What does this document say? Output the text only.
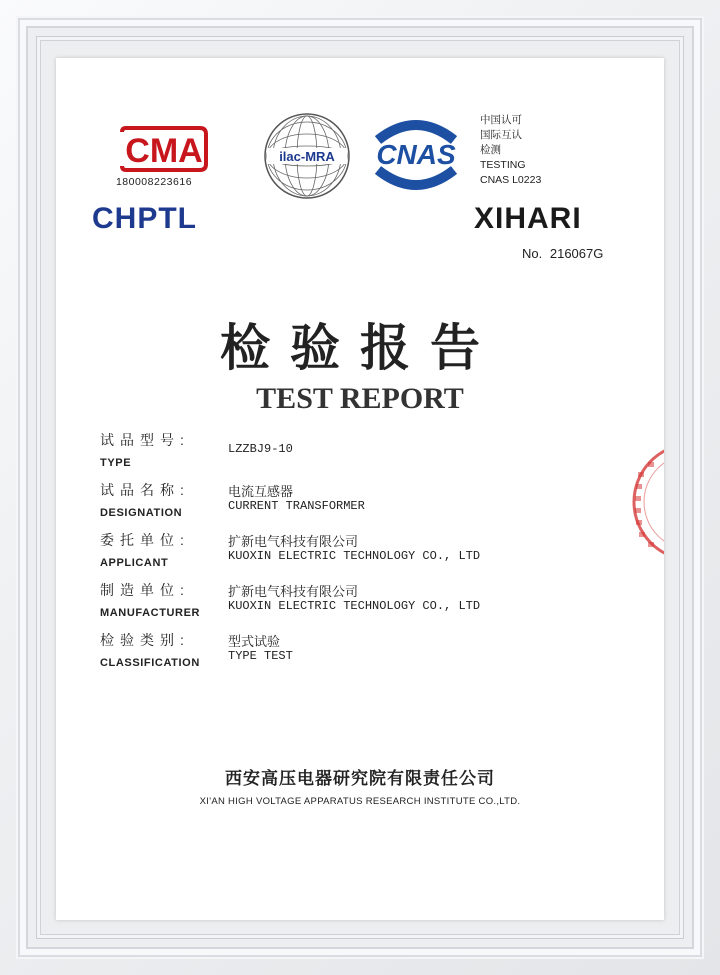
CMA
180008223616
ilac-MRA CNAS
中国认可
国际互认
检测
TESTING
CNAS L0223
CHPTL	XIHARI
No. 216067G
检验报告
TEST REPORT
试品型号:
TYPE
LZZBJ9-10
试品名称:
DESIGNATION
电流互感器
CURRENT TRANSFORMER
委托单位:
APPLICANT
扩新电气科技有限公司
KUOXIN ELECTRIC TECHNOLOGY CO., LTD
制造单位:
MANUFACTURER
扩新电气科技有限公司
KUOXIN ELECTRIC TECHNOLOGY CO., LTD
检验类别:
CLASSIFICATION
型式试验
TYPE TEST
西安高压电器研究院有限责任公司
XI'AN HIGH VOLTAGE APPARATUS RESEARCH INSTITUTE CO.,LTD.
